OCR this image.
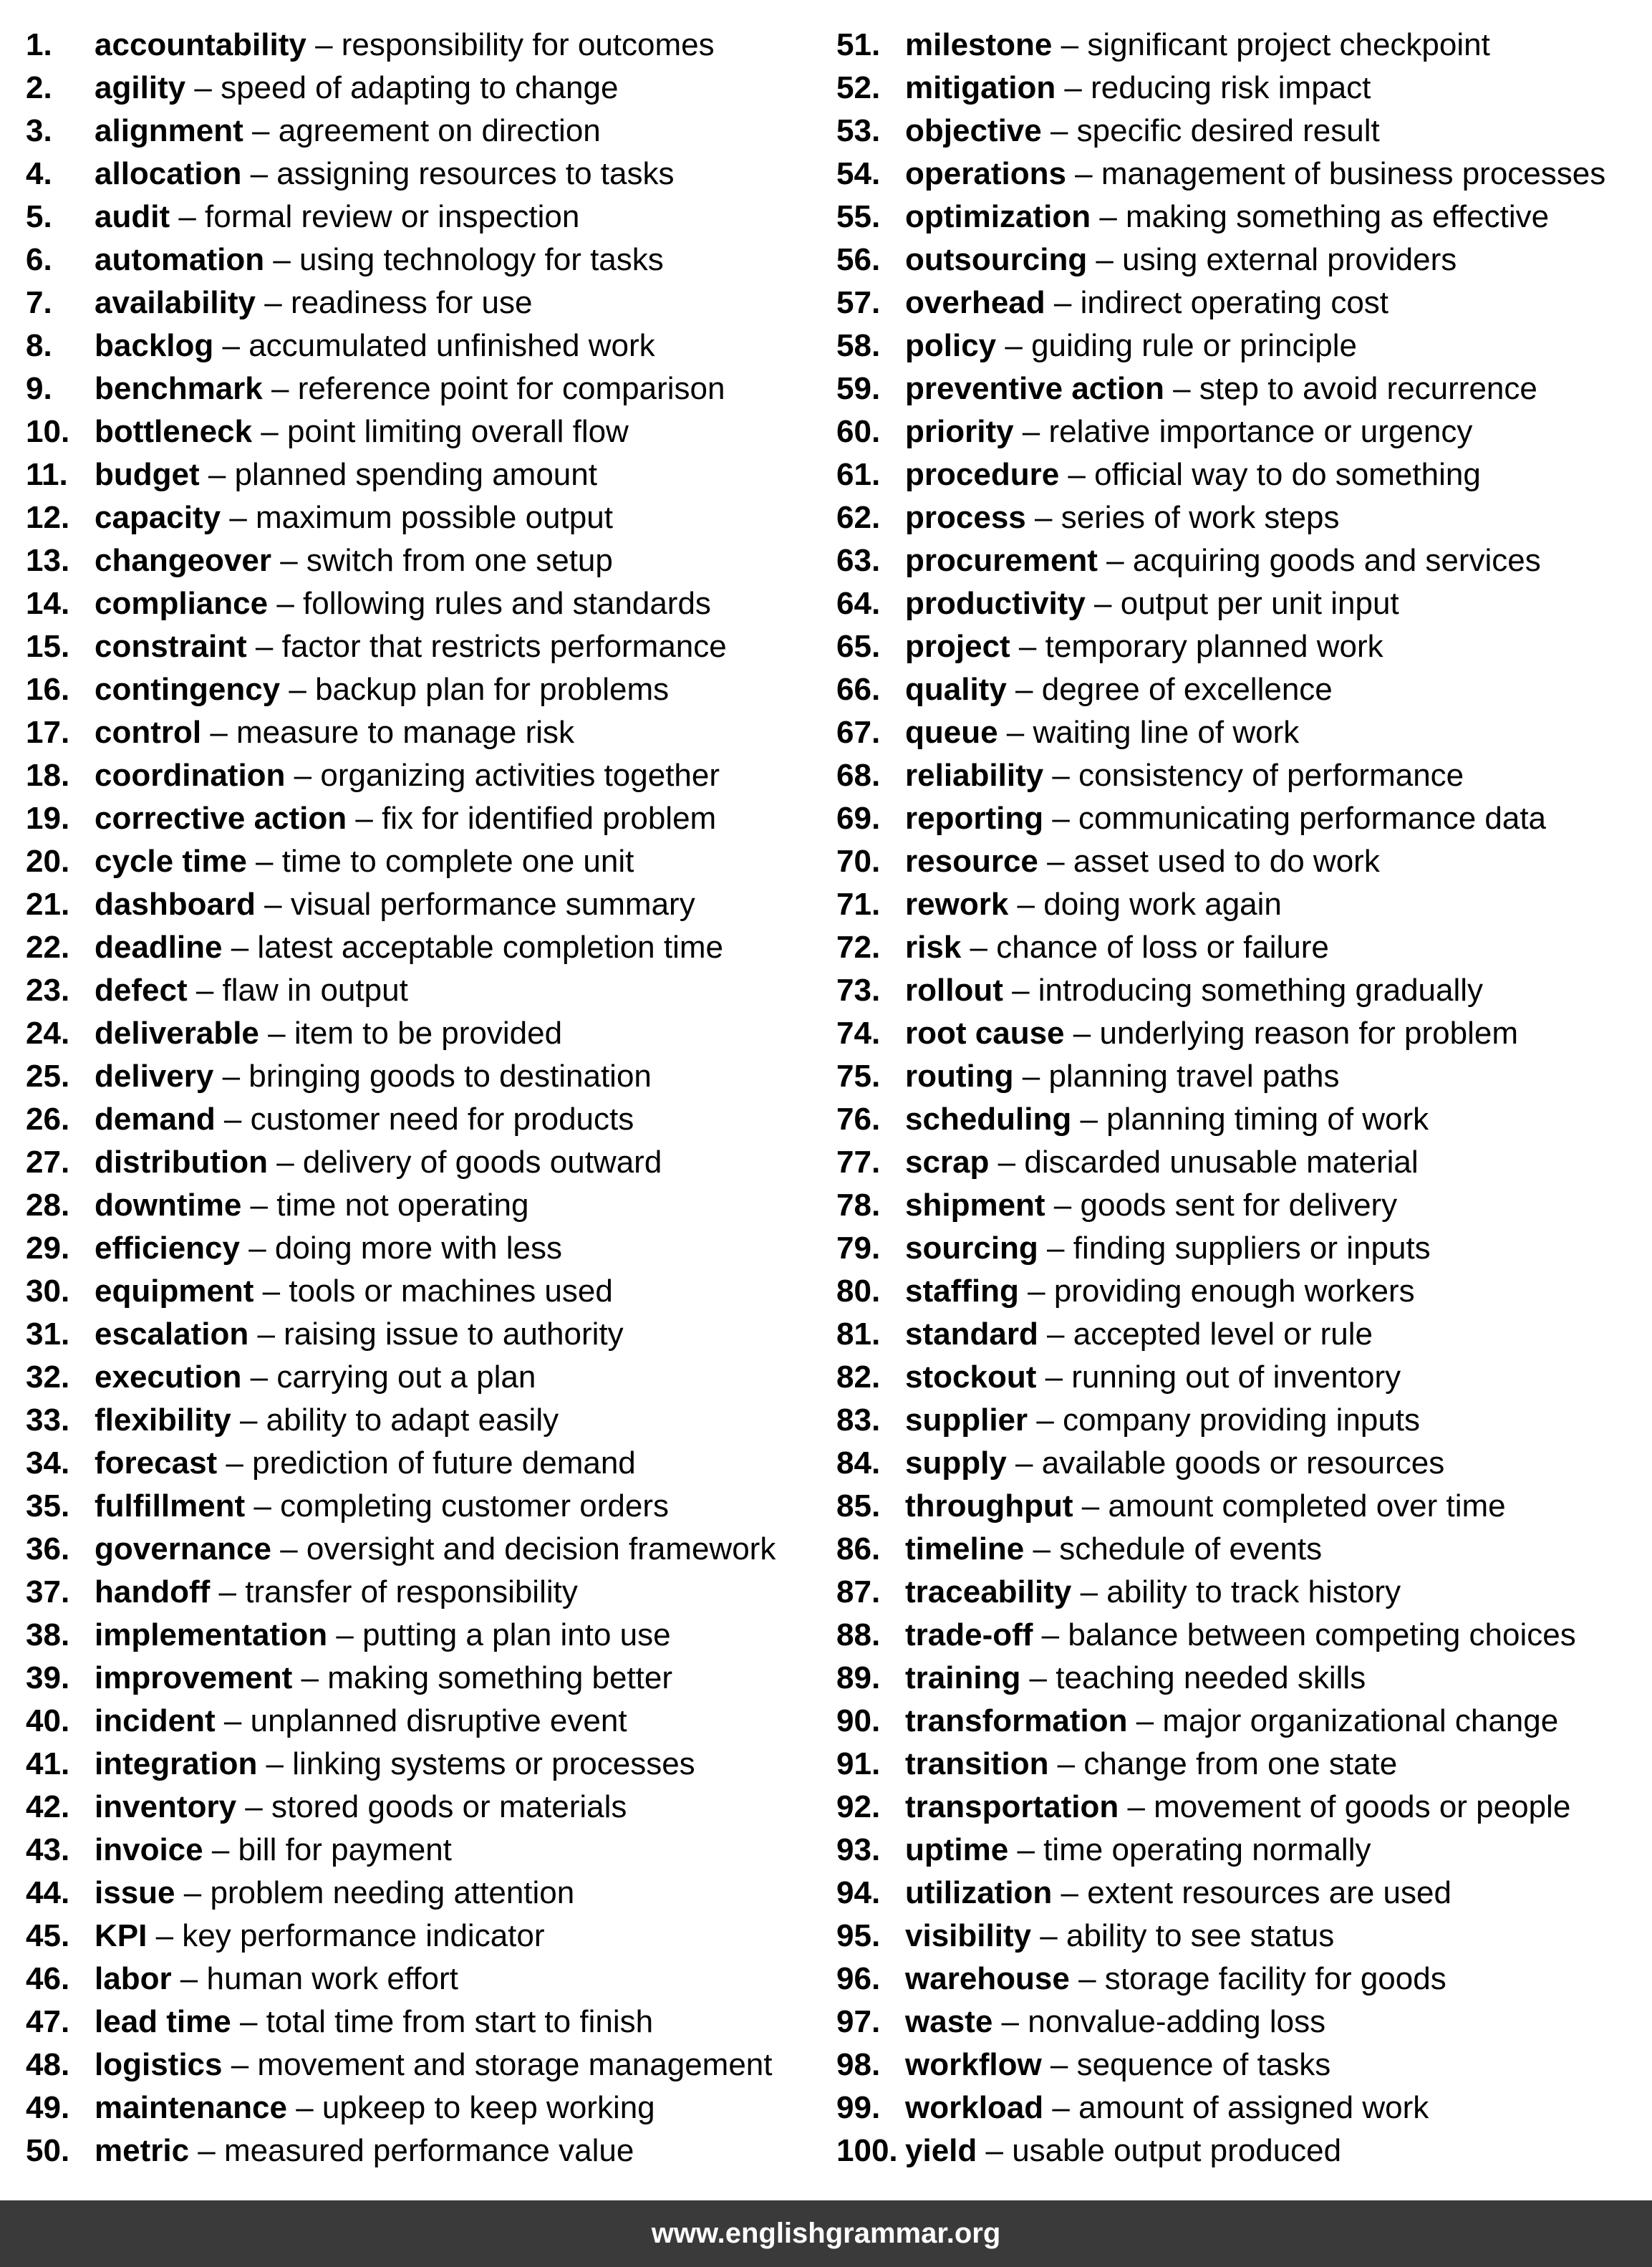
1. accountability – responsibility for outcomes
2. agility – speed of adapting to change
3. alignment – agreement on direction
4. allocation – assigning resources to tasks
5. audit – formal review or inspection
6. automation – using technology for tasks
7. availability – readiness for use
8. backlog – accumulated unfinished work
9. benchmark – reference point for comparison
10. bottleneck – point limiting overall flow
11. budget – planned spending amount
12. capacity – maximum possible output
13. changeover – switch from one setup
14. compliance – following rules and standards
15. constraint – factor that restricts performance
16. contingency – backup plan for problems
17. control – measure to manage risk
18. coordination – organizing activities together
19. corrective action – fix for identified problem
20. cycle time – time to complete one unit
21. dashboard – visual performance summary
22. deadline – latest acceptable completion time
23. defect – flaw in output
24. deliverable – item to be provided
25. delivery – bringing goods to destination
26. demand – customer need for products
27. distribution – delivery of goods outward
28. downtime – time not operating
29. efficiency – doing more with less
30. equipment – tools or machines used
31. escalation – raising issue to authority
32. execution – carrying out a plan
33. flexibility – ability to adapt easily
34. forecast – prediction of future demand
35. fulfillment – completing customer orders
36. governance – oversight and decision framework
37. handoff – transfer of responsibility
38. implementation – putting a plan into use
39. improvement – making something better
40. incident – unplanned disruptive event
41. integration – linking systems or processes
42. inventory – stored goods or materials
43. invoice – bill for payment
44. issue – problem needing attention
45. KPI – key performance indicator
46. labor – human work effort
47. lead time – total time from start to finish
48. logistics – movement and storage management
49. maintenance – upkeep to keep working
50. metric – measured performance value
51. milestone – significant project checkpoint
52. mitigation – reducing risk impact
53. objective – specific desired result
54. operations – management of business processes
55. optimization – making something as effective
56. outsourcing – using external providers
57. overhead – indirect operating cost
58. policy – guiding rule or principle
59. preventive action – step to avoid recurrence
60. priority – relative importance or urgency
61. procedure – official way to do something
62. process – series of work steps
63. procurement – acquiring goods and services
64. productivity – output per unit input
65. project – temporary planned work
66. quality – degree of excellence
67. queue – waiting line of work
68. reliability – consistency of performance
69. reporting – communicating performance data
70. resource – asset used to do work
71. rework – doing work again
72. risk – chance of loss or failure
73. rollout – introducing something gradually
74. root cause – underlying reason for problem
75. routing – planning travel paths
76. scheduling – planning timing of work
77. scrap – discarded unusable material
78. shipment – goods sent for delivery
79. sourcing – finding suppliers or inputs
80. staffing – providing enough workers
81. standard – accepted level or rule
82. stockout – running out of inventory
83. supplier – company providing inputs
84. supply – available goods or resources
85. throughput – amount completed over time
86. timeline – schedule of events
87. traceability – ability to track history
88. trade-off – balance between competing choices
89. training – teaching needed skills
90. transformation – major organizational change
91. transition – change from one state
92. transportation – movement of goods or people
93. uptime – time operating normally
94. utilization – extent resources are used
95. visibility – ability to see status
96. warehouse – storage facility for goods
97. waste – nonvalue-adding loss
98. workflow – sequence of tasks
99. workload – amount of assigned work
100. yield – usable output produced
www.englishgrammar.org
